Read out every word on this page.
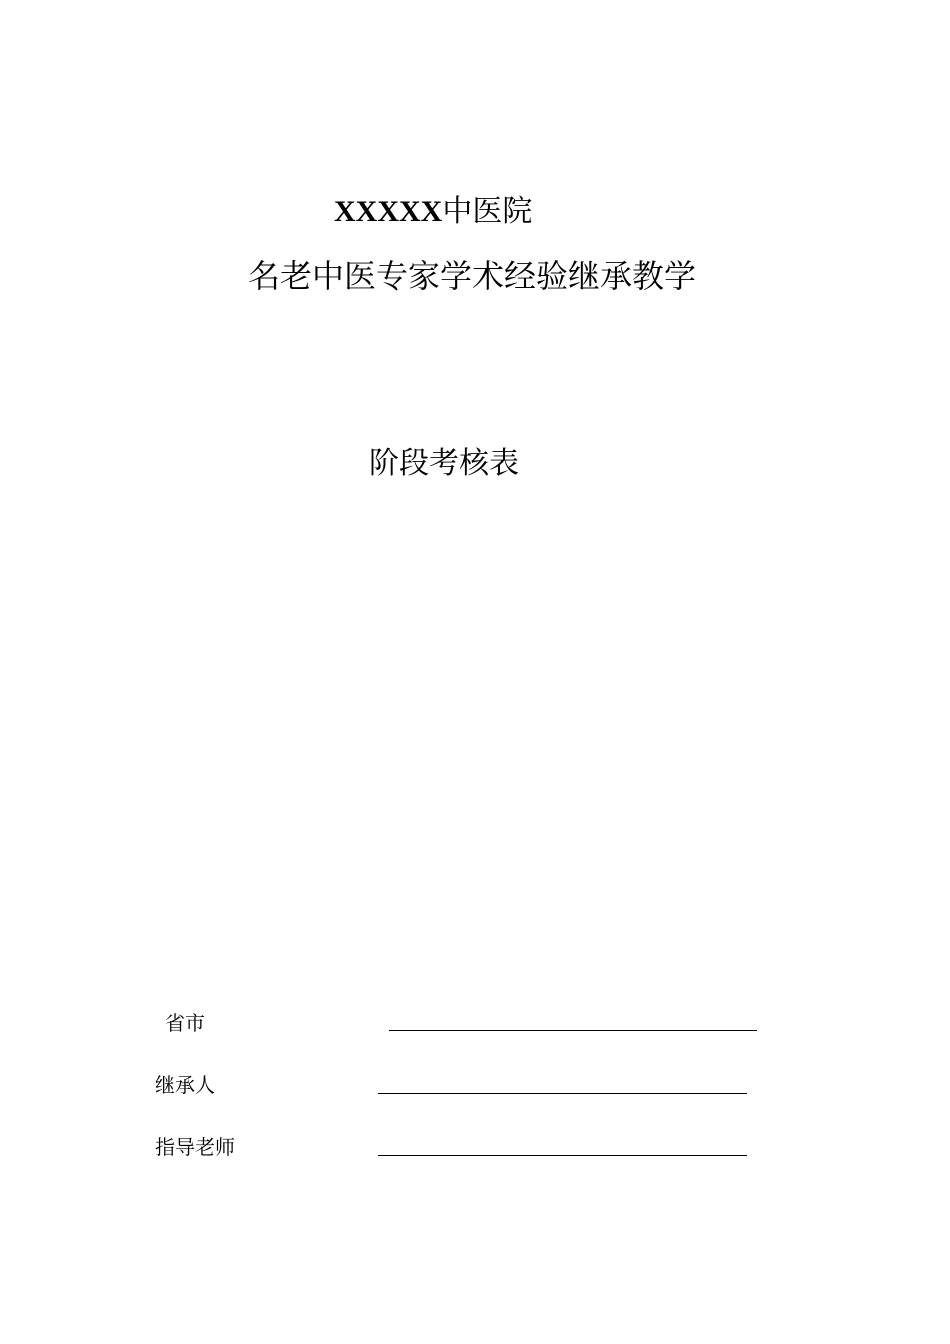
XXXXX中医院
名老中医专家学术经验继承教学
阶段考核表
省市
继承人
指导老师
